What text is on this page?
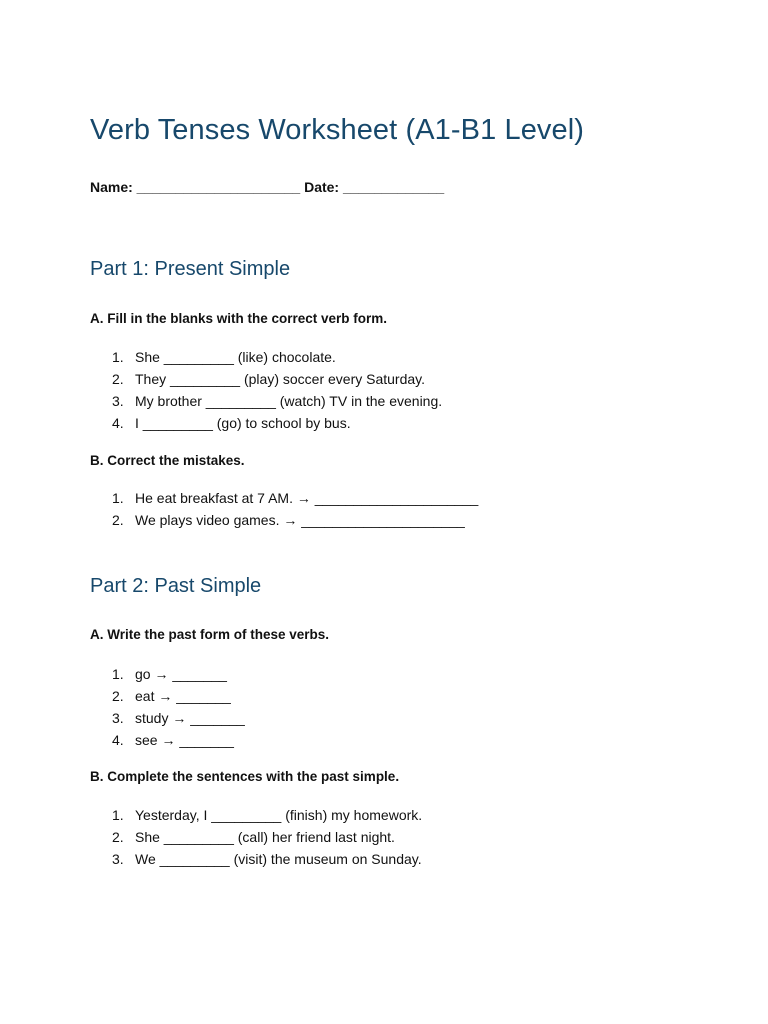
Verb Tenses Worksheet (A1-B1 Level)
Name: _____________________ Date: _____________
Part 1: Present Simple
A. Fill in the blanks with the correct verb form.
1. She _________ (like) chocolate.
2. They _________ (play) soccer every Saturday.
3. My brother _________ (watch) TV in the evening.
4. I _________ (go) to school by bus.
B. Correct the mistakes.
1. He eat breakfast at 7 AM. → _____________________
2. We plays video games. → _____________________
Part 2: Past Simple
A. Write the past form of these verbs.
1. go → _______
2. eat → _______
3. study → _______
4. see → _______
B. Complete the sentences with the past simple.
1. Yesterday, I _________ (finish) my homework.
2. She _________ (call) her friend last night.
3. We _________ (visit) the museum on Sunday.
